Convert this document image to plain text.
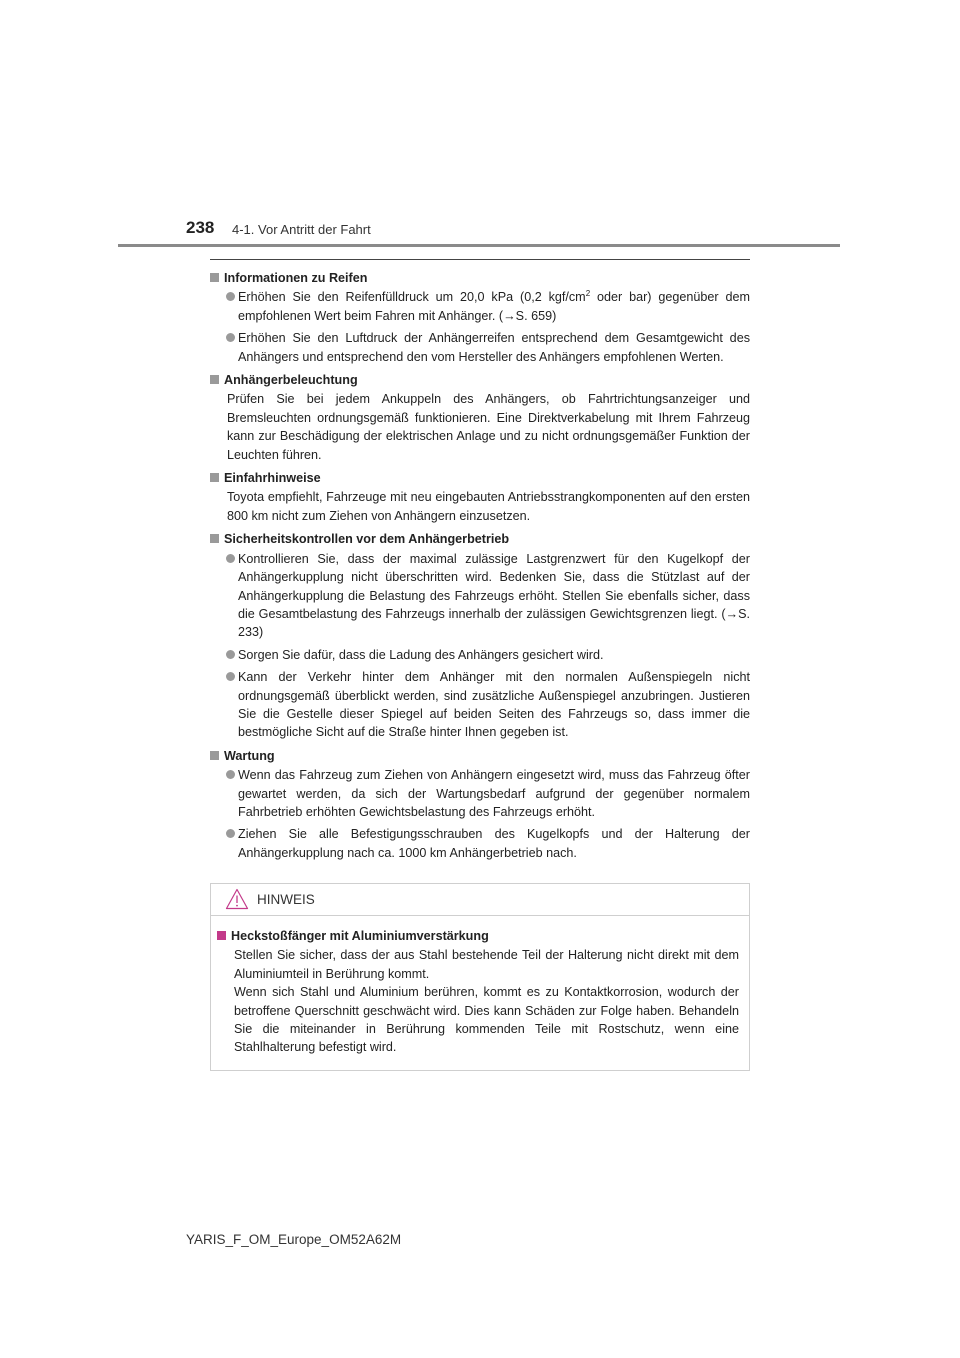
238 4-1. Vor Antritt der Fahrt
Informationen zu Reifen
Erhöhen Sie den Reifenfülldruck um 20,0 kPa (0,2 kgf/$cm^2$ oder bar) gegenüber dem empfohlenen Wert beim Fahren mit Anhänger. (→S. 659)
Erhöhen Sie den Luftdruck der Anhängerreifen entsprechend dem Gesamtgewicht des Anhängers und entsprechend den vom Hersteller des Anhängers empfohlenen Werten.
Anhängerbeleuchtung
Prüfen Sie bei jedem Ankuppeln des Anhängers, ob Fahrtrichtungsanzeiger und Bremsleuchten ordnungsgemäß funktionieren. Eine Direktverkabelung mit Ihrem Fahrzeug kann zur Beschädigung der elektrischen Anlage und zu nicht ordnungsgemäßer Funktion der Leuchten führen.
Einfahrhinweise
Toyota empfiehlt, Fahrzeuge mit neu eingebauten Antriebsstrangkomponenten auf den ersten 800 km nicht zum Ziehen von Anhängern einzusetzen.
Sicherheitskontrollen vor dem Anhängerbetrieb
Kontrollieren Sie, dass der maximal zulässige Lastgrenzwert für den Kugelkopf der Anhängerkupplung nicht überschritten wird. Bedenken Sie, dass die Stützlast auf der Anhängerkupplung die Belastung des Fahrzeugs erhöht. Stellen Sie ebenfalls sicher, dass die Gesamtbelastung des Fahrzeugs innerhalb der zulässigen Gewichtsgrenzen liegt. (→S. 233)
Sorgen Sie dafür, dass die Ladung des Anhängers gesichert wird.
Kann der Verkehr hinter dem Anhänger mit den normalen Außenspiegeln nicht ordnungsgemäß überblickt werden, sind zusätzliche Außenspiegel anzubringen. Justieren Sie die Gestelle dieser Spiegel auf beiden Seiten des Fahrzeugs so, dass immer die bestmögliche Sicht auf die Straße hinter Ihnen gegeben ist.
Wartung
Wenn das Fahrzeug zum Ziehen von Anhängern eingesetzt wird, muss das Fahrzeug öfter gewartet werden, da sich der Wartungsbedarf aufgrund der gegenüber normalem Fahrbetrieb erhöhten Gewichtsbelastung des Fahrzeugs erhöht.
Ziehen Sie alle Befestigungsschrauben des Kugelkopfs und der Halterung der Anhängerkupplung nach ca. 1000 km Anhängerbetrieb nach.
HINWEIS
Heckstoßfänger mit Aluminiumverstärkung
Stellen Sie sicher, dass der aus Stahl bestehende Teil der Halterung nicht direkt mit dem Aluminiumteil in Berührung kommt.
Wenn sich Stahl und Aluminium berühren, kommt es zu Kontaktkorrosion, wodurch der betroffene Querschnitt geschwächt wird. Dies kann Schäden zur Folge haben. Behandeln Sie die miteinander in Berührung kommenden Teile mit Rostschutz, wenn eine Stahlhalterung befestigt wird.
YARIS_F_OM_Europe_OM52A62M
